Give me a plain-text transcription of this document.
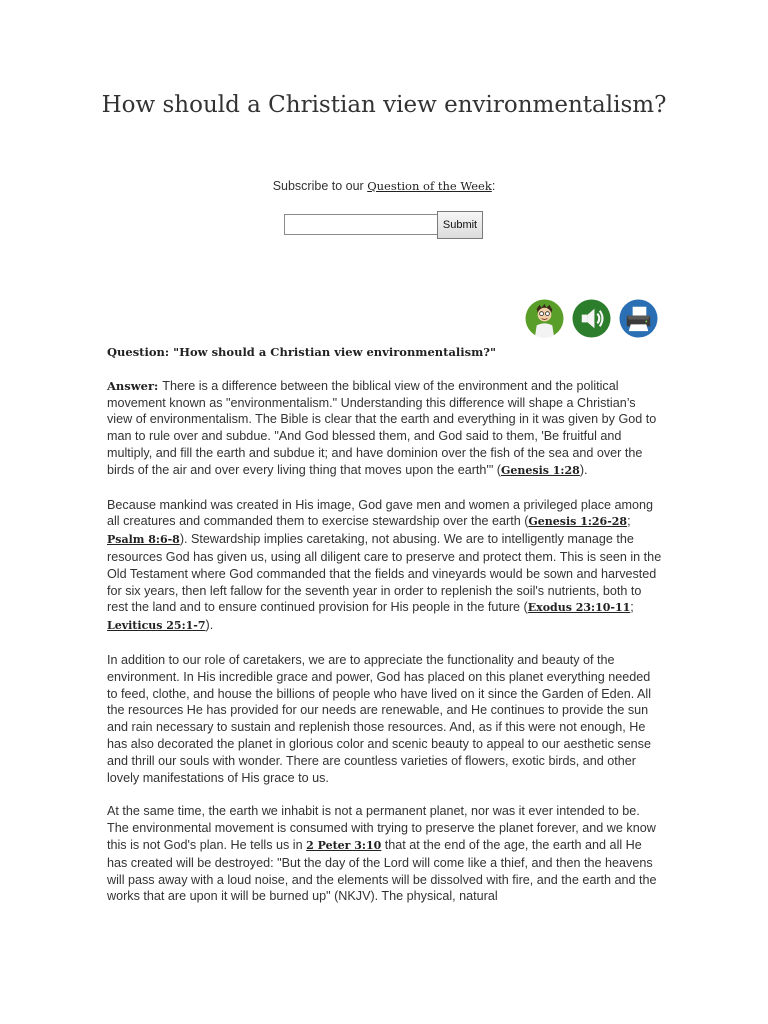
How should a Christian view environmentalism?
Subscribe to our Question of the Week:
Submit

Question: "How should a Christian view environmentalism?"

Answer: There is a difference between the biblical view of the environment and the political movement known as "environmentalism." Understanding this difference will shape a Christian’s view of environmentalism. The Bible is clear that the earth and everything in it was given by God to man to rule over and subdue. "And God blessed them, and God said to them, 'Be fruitful and multiply, and fill the earth and subdue it; and have dominion over the fish of the sea and over the birds of the air and over every living thing that moves upon the earth'" (Genesis 1:28).

Because mankind was created in His image, God gave men and women a privileged place among all creatures and commanded them to exercise stewardship over the earth (Genesis 1:26-28; Psalm 8:6-8). Stewardship implies caretaking, not abusing. We are to intelligently manage the resources God has given us, using all diligent care to preserve and protect them. This is seen in the Old Testament where God commanded that the fields and vineyards would be sown and harvested for six years, then left fallow for the seventh year in order to replenish the soil's nutrients, both to rest the land and to ensure continued provision for His people in the future (Exodus 23:10-11; Leviticus 25:1-7).

In addition to our role of caretakers, we are to appreciate the functionality and beauty of the environment. In His incredible grace and power, God has placed on this planet everything needed to feed, clothe, and house the billions of people who have lived on it since the Garden of Eden. All the resources He has provided for our needs are renewable, and He continues to provide the sun and rain necessary to sustain and replenish those resources. And, as if this were not enough, He has also decorated the planet in glorious color and scenic beauty to appeal to our aesthetic sense and thrill our souls with wonder. There are countless varieties of flowers, exotic birds, and other lovely manifestations of His grace to us.

At the same time, the earth we inhabit is not a permanent planet, nor was it ever intended to be. The environmental movement is consumed with trying to preserve the planet forever, and we know this is not God's plan. He tells us in 2 Peter 3:10 that at the end of the age, the earth and all He has created will be destroyed: "But the day of the Lord will come like a thief, and then the heavens will pass away with a loud noise, and the elements will be dissolved with fire, and the earth and the works that are upon it will be burned up" (NKJV). The physical, natural
